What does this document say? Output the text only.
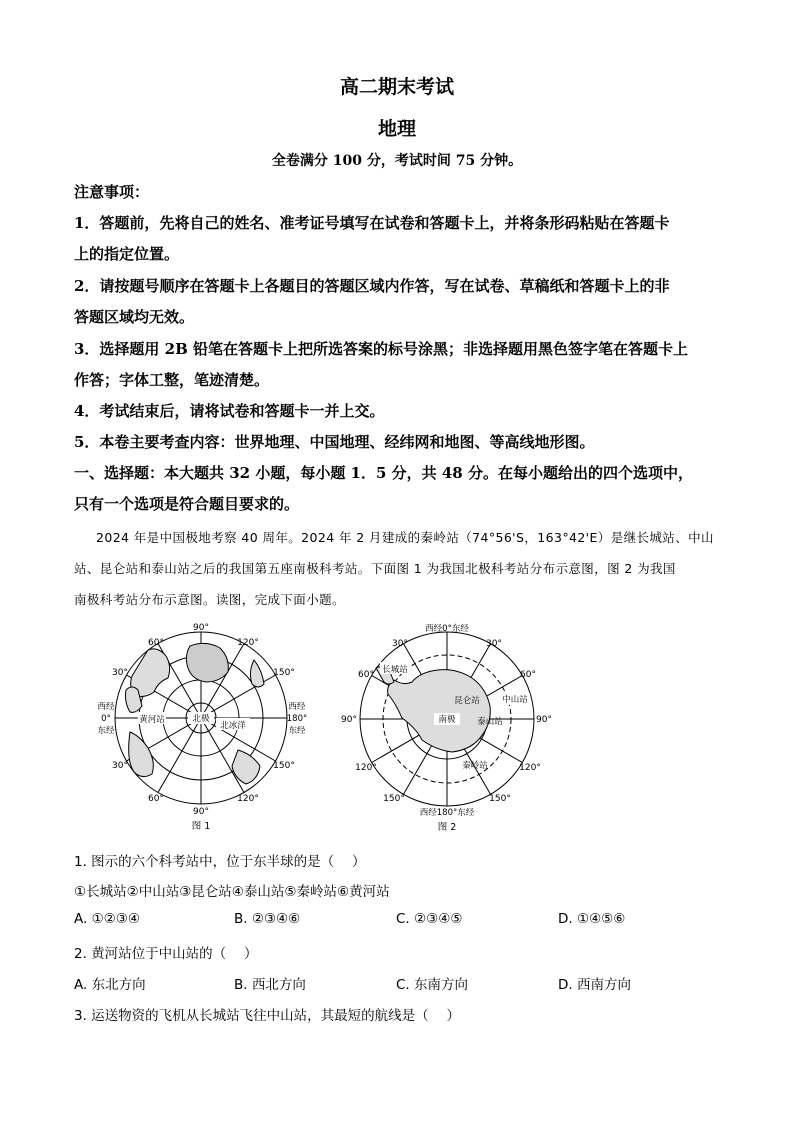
高二期末考试
地理
全卷满分 100 分，考试时间 75 分钟。
注意事项：
1．答题前，先将自己的姓名、准考证号填写在试卷和答题卡上，并将条形码粘贴在答题卡
上的指定位置。
2．请按题号顺序在答题卡上各题目的答题区域内作答，写在试卷、草稿纸和答题卡上的非
答题区域均无效。
3．选择题用 2B 铅笔在答题卡上把所选答案的标号涂黑；非选择题用黑色签字笔在答题卡上
作答；字体工整，笔迹清楚。
4．考试结束后，请将试卷和答题卡一并上交。
5．本卷主要考查内容：世界地理、中国地理、经纬网和地图、等高线地形图。
一、选择题：本大题共 32 小题，每小题 1．5 分，共 48 分。在每小题给出的四个选项中，
只有一个选项是符合题目要求的。
2024 年是中国极地考察 40 周年。2024 年 2 月建成的秦岭站（74°56'S，163°42'E）是继长城站、中山
站、昆仑站和泰山站之后的我国第五座南极科考站。下面图 1 为我国北极科考站分布示意图，图 2 为我国
南极科考站分布示意图。读图，完成下面小题。
黄河站	北极
北冰洋
90°
60°	120°
30°	150°
西经
0°
东经
西经
180°
东经
30°	150°
60°	120°
90°
图 1
西经0°东经
30°	30°
60°	60°
90°	90°
120°	120°
150°	150°
西经180°东经
长城站
昆仑站	中山站
南极	泰山站
秦岭站
图 2
1. 图示的六个科考站中，位于东半球的是（　 ）
①长城站②中山站③昆仑站④泰山站⑤秦岭站⑥黄河站
A. ①②③④	B. ②③④⑥	C. ②③④⑤	D. ①④⑤⑥
2. 黄河站位于中山站的（　 ）
A. 东北方向	B. 西北方向	C. 东南方向	D. 西南方向
3. 运送物资的飞机从长城站飞往中山站，其最短的航线是（　 ）
